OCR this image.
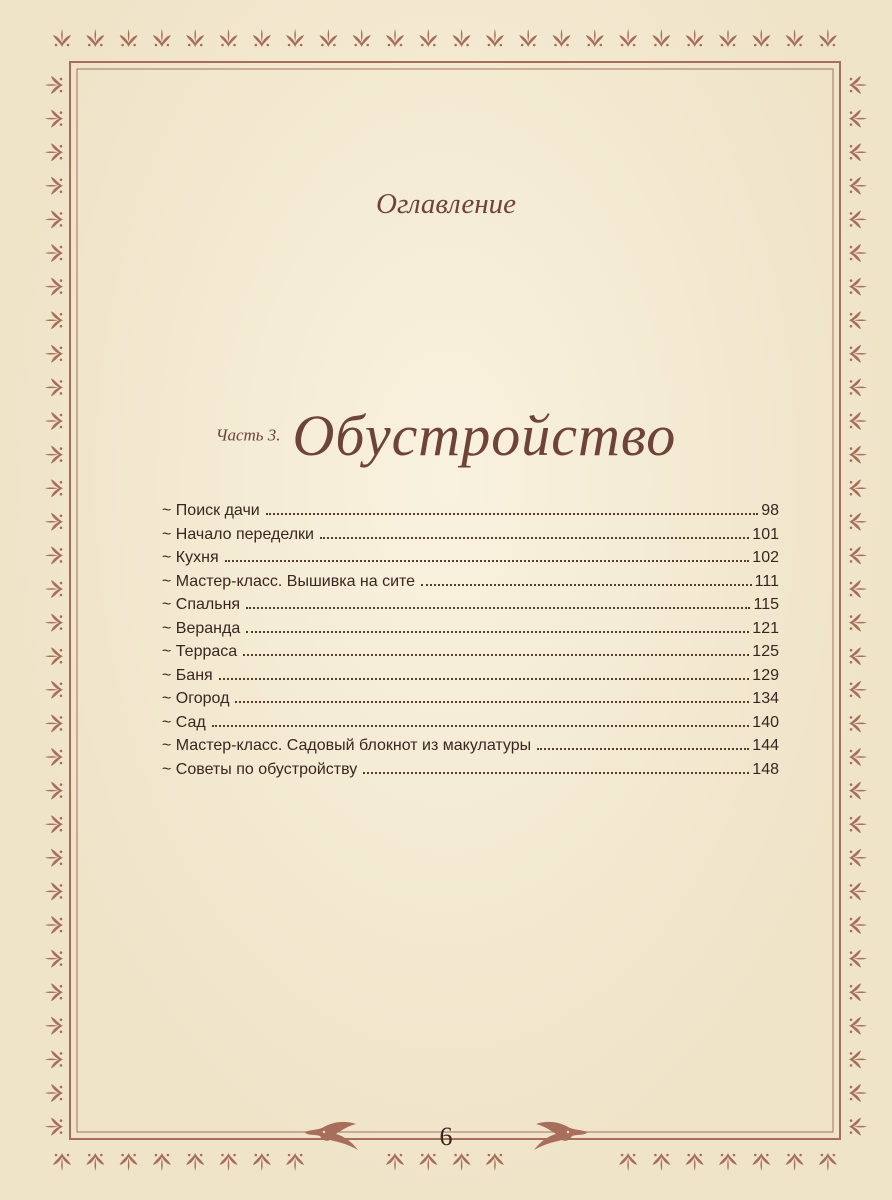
Оглавление
Часть 3. Обустройство
~ Поиск дачи	98
~ Начало переделки	101
~ Кухня	102
~ Мастер-класс. Вышивка на сите	111
~ Спальня	115
~ Веранда	121
~ Терраса	125
~ Баня	129
~ Огород	134
~ Сад	140
~ Мастер-класс. Садовый блокнот из макулатуры	144
~ Советы по обустройству	148
6
